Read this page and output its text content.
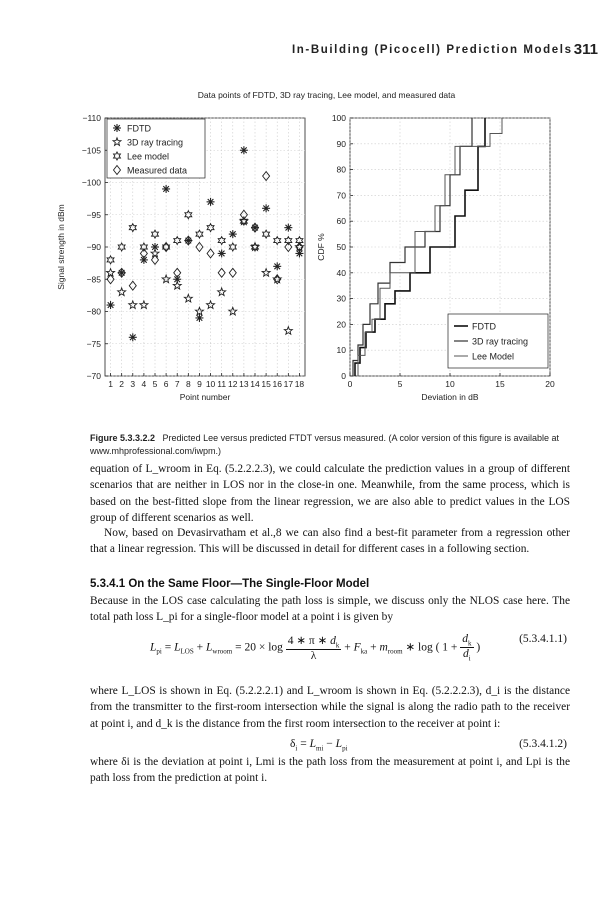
In-Building (Picocell) Prediction Models 311
Data points of FDTD, 3D ray tracing, Lee model, and measured data
−110
−105
−100
−95
−90
−85
−80
−75
−70
1 2 3 4 5 6 7 8 9 10 11 12 13 14 15 16 17 18
Point number
Signal strength in dBm
FDTD
3D ray tracing
Lee model
Measured data
0
10
20
30
40
50
60
70
80
90
100
0	5	10	15	20
Deviation in dB
CDF %
FDTD
3D ray tracing
Lee Model
Figure 5.3.3.2.2 Predicted Lee versus predicted FTDT versus measured. (A color version of this figure is available at www.mhprofessional.com/iwpm.)
equation of L_wroom in Eq. (5.2.2.2.3), we could calculate the prediction values in a group of different scenarios that are neither in LOS nor in the close-in one. Meanwhile, from the same process, which is based on the best-fitted slope from the linear regression, we are also able to predict values in the LOS group of different scenarios as well.
Now, based on Devasirvatham et al.,8 we can also find a best-fit parameter from a regression other that a linear regression. This will be discussed in detail for different cases in a following section.
5.3.4.1 On the Same Floor—The Single-Floor Model
Because in the LOS case calculating the path loss is simple, we discuss only the NLOS case here. The total path loss L_pi for a single-floor model at a point i is given by
$L_{pi} = L_{LOS} + L_{wroom} = 20 \times \log \frac{4 ∗ \pi ∗ d_k}{\lambda} + F_{ka} + m_{room}$ ∗ log ( $1 + \frac{d_k}{d_i}$ )
(5.3.4.1.1)
where L_LOS is shown in Eq. (5.2.2.2.1) and L_wroom is shown in Eq. (5.2.2.2.3), d_i is the distance from the transmitter to the first-room intersection while the signal is along the radio path to the receiver at point i, and d_k is the distance from the first room intersection to the receiver at point i:
$\delta_i = L_{mi} - L_{pi}$	(5.3.4.1.2)
where δi is the deviation at point i, Lmi is the path loss from the measurement at point i, and Lpi is the path loss from the prediction at point i.
